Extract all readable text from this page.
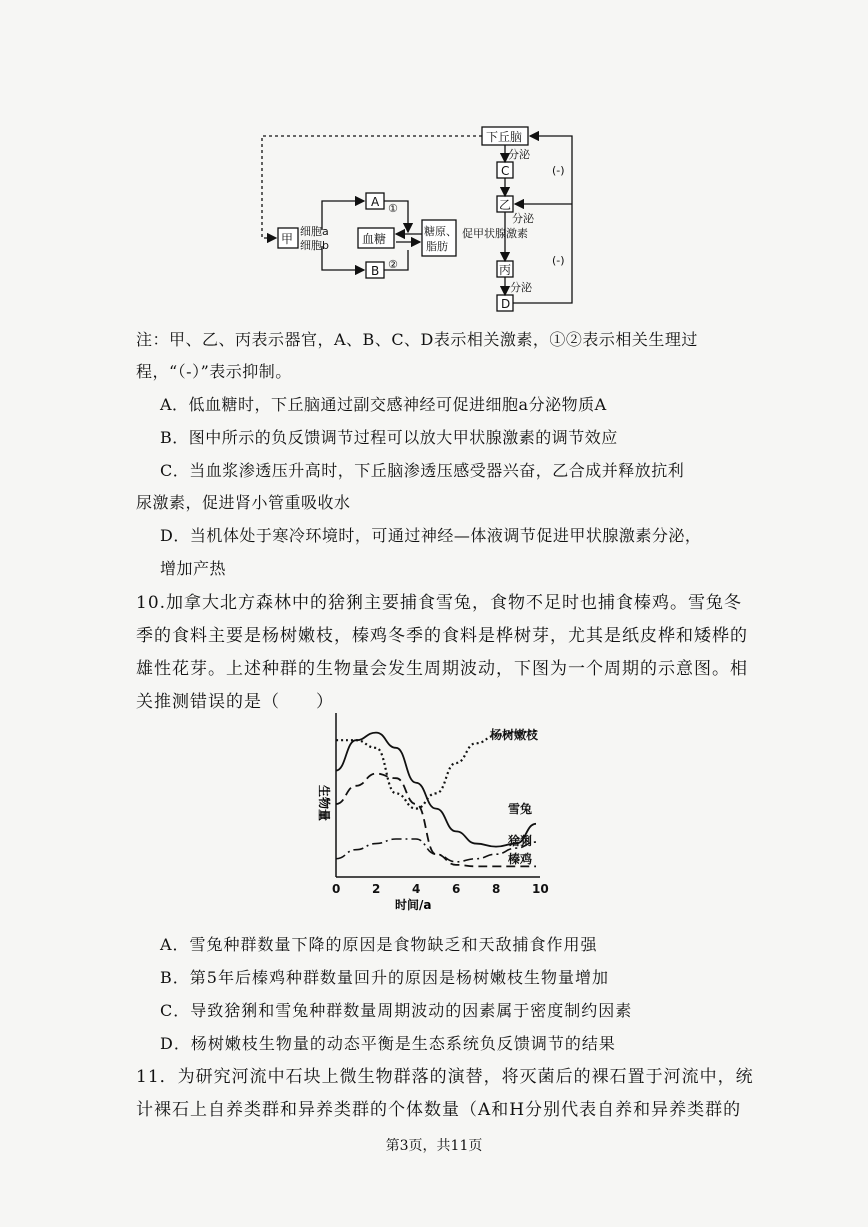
下丘脑
C
乙
丙
D
甲
细胞a
细胞b
A
B
血糖
糖原、
脂肪
分泌
分泌
促甲状腺激素
分泌
(-)
(-)
①
②
注：甲、乙、丙表示器官，A、B、C、D表示相关激素，①②表示相关生理过
程，“（-）”表示抑制。
A．低血糖时，下丘脑通过副交感神经可促进细胞a分泌物质A
B．图中所示的负反馈调节过程可以放大甲状腺激素的调节效应
C．当血浆渗透压升高时，下丘脑渗透压感受器兴奋，乙合成并释放抗利
尿激素，促进肾小管重吸收水
D．当机体处于寒冷环境时，可通过神经—体液调节促进甲状腺激素分泌，
增加产热
10.加拿大北方森林中的猞猁主要捕食雪兔，食物不足时也捕食榛鸡。雪兔冬
季的食料主要是杨树嫩枝，榛鸡冬季的食料是桦树芽，尤其是纸皮桦和矮桦的
雄性花芽。上述种群的生物量会发生周期波动，下图为一个周期的示意图。相
关推测错误的是（　　）
0	2	4	6	8	10
杨树嫩枝
雪兔
猞猁
榛鸡
生物量
时间/a
A．雪兔种群数量下降的原因是食物缺乏和天敌捕食作用强
B．第5年后榛鸡种群数量回升的原因是杨树嫩枝生物量增加
C．导致猞猁和雪兔种群数量周期波动的因素属于密度制约因素
D．杨树嫩枝生物量的动态平衡是生态系统负反馈调节的结果
11．为研究河流中石块上微生物群落的演替，将灭菌后的裸石置于河流中，统
计裸石上自养类群和异养类群的个体数量（A和H分别代表自养和异养类群的
第3页，共11页
